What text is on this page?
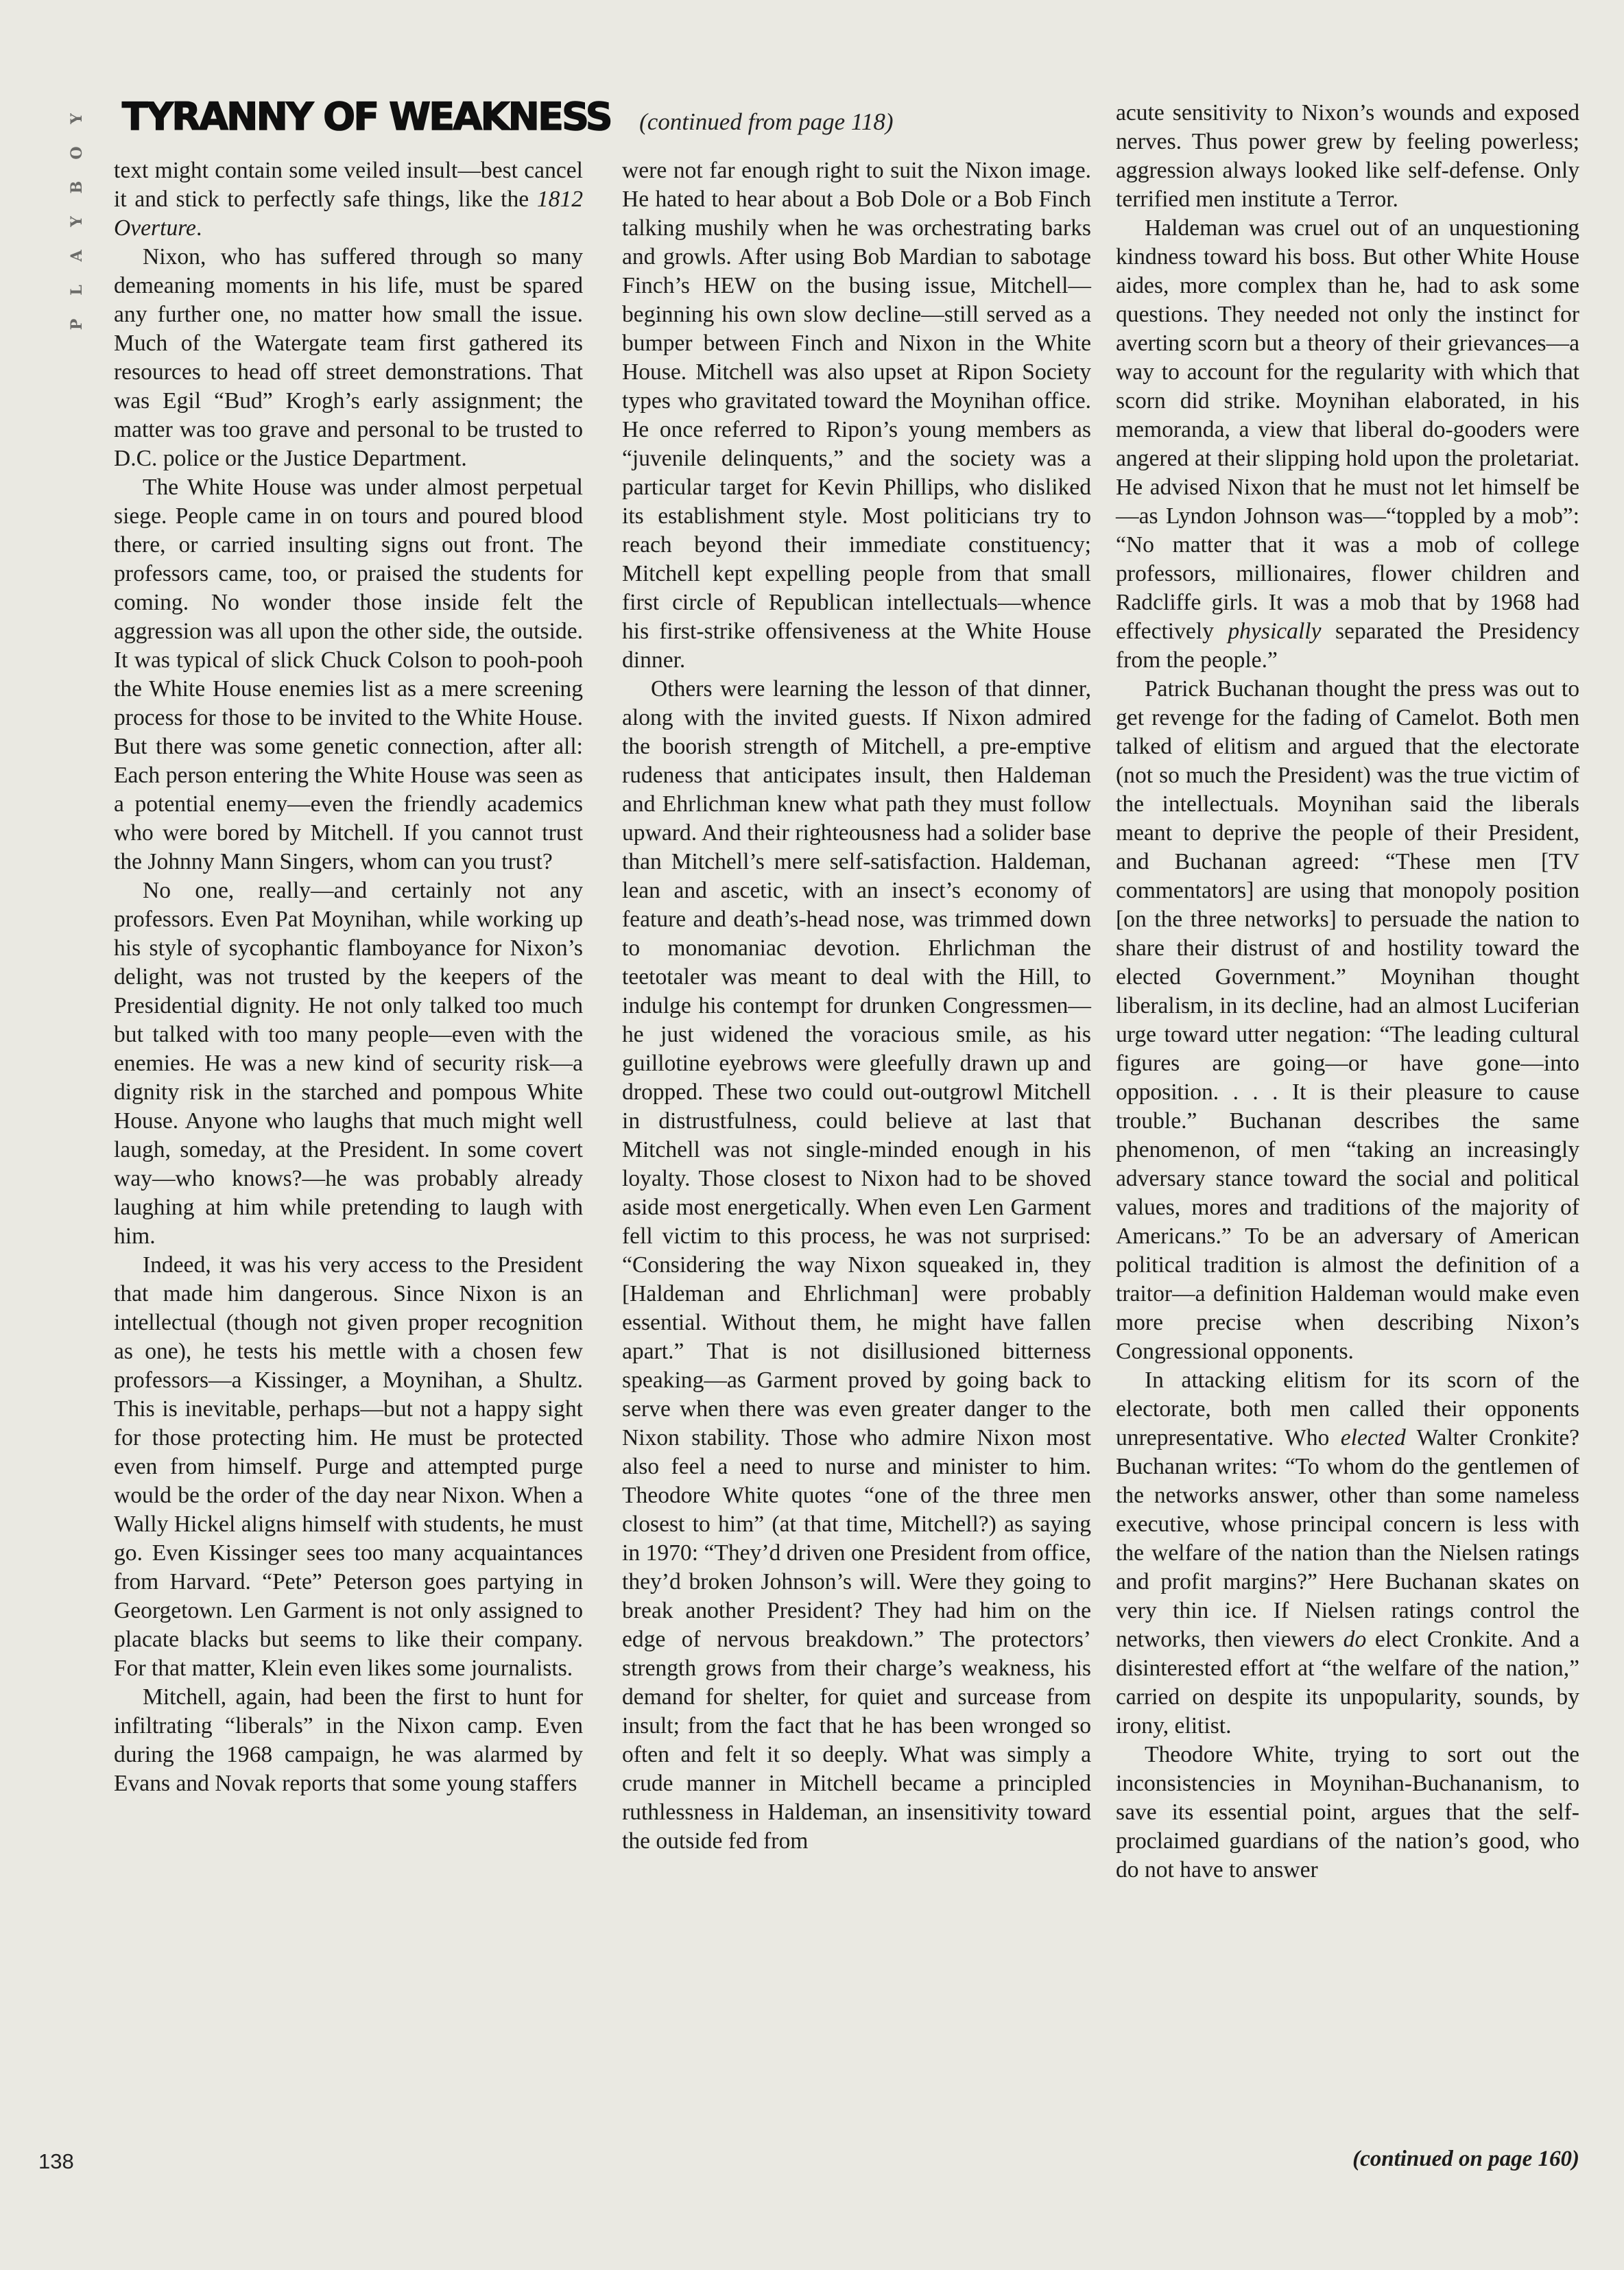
Y
O
B
Y
A
L
P
TYRANNY OF WEAKNESS (continued from page 118)

text might contain some veiled insult—best cancel it and stick to perfectly safe things, like the 1812 Overture.

Nixon, who has suffered through so many demeaning moments in his life, must be spared any further one, no matter how small the issue. Much of the Watergate team first gathered its resources to head off street demonstrations. That was Egil “Bud” Krogh’s early assignment; the matter was too grave and personal to be trusted to D.C. police or the Justice Department.

The White House was under almost perpetual siege. People came in on tours and poured blood there, or carried insulting signs out front. The professors came, too, or praised the students for coming. No wonder those inside felt the aggression was all upon the other side, the outside. It was typical of slick Chuck Colson to pooh-pooh the White House enemies list as a mere screening process for those to be invited to the White House. But there was some genetic connection, after all: Each person entering the White House was seen as a potential enemy—even the friendly academics who were bored by Mitchell. If you cannot trust the Johnny Mann Singers, whom can you trust?

No one, really—and certainly not any professors. Even Pat Moynihan, while working up his style of sycophantic flamboyance for Nixon’s delight, was not trusted by the keepers of the Presidential dignity. He not only talked too much but talked with too many people—even with the enemies. He was a new kind of security risk—a dignity risk in the starched and pompous White House. Anyone who laughs that much might well laugh, someday, at the President. In some covert way—who knows?—he was probably already laughing at him while pretending to laugh with him.

Indeed, it was his very access to the President that made him dangerous. Since Nixon is an intellectual (though not given proper recognition as one), he tests his mettle with a chosen few professors—a Kissinger, a Moynihan, a Shultz. This is inevitable, perhaps—but not a happy sight for those protecting him. He must be protected even from himself. Purge and attempted purge would be the order of the day near Nixon. When a Wally Hickel aligns himself with students, he must go. Even Kissinger sees too many acquaintances from Harvard. “Pete” Peterson goes partying in Georgetown. Len Garment is not only assigned to placate blacks but seems to like their company. For that matter, Klein even likes some journalists.

Mitchell, again, had been the first to hunt for infiltrating “liberals” in the Nixon camp. Even during the 1968 campaign, he was alarmed by Evans and Novak reports that some young staffers

were not far enough right to suit the Nixon image. He hated to hear about a Bob Dole or a Bob Finch talking mushily when he was orchestrating barks and growls. After using Bob Mardian to sabotage Finch’s HEW on the busing issue, Mitchell—beginning his own slow decline—still served as a bumper between Finch and Nixon in the White House. Mitchell was also upset at Ripon Society types who gravitated toward the Moynihan office. He once referred to Ripon’s young members as “juvenile delinquents,” and the society was a particular target for Kevin Phillips, who disliked its establishment style. Most politicians try to reach beyond their immediate constituency; Mitchell kept expelling people from that small first circle of Republican intellectuals—whence his first-strike offensiveness at the White House dinner.

Others were learning the lesson of that dinner, along with the invited guests. If Nixon admired the boorish strength of Mitchell, a pre-emptive rudeness that anticipates insult, then Haldeman and Ehrlichman knew what path they must follow upward. And their righteousness had a solider base than Mitchell’s mere self-satisfaction. Haldeman, lean and ascetic, with an insect’s economy of feature and death’s-head nose, was trimmed down to monomaniac devotion. Ehrlichman the teetotaler was meant to deal with the Hill, to indulge his contempt for drunken Congressmen—he just widened the voracious smile, as his guillotine eyebrows were gleefully drawn up and dropped. These two could out-outgrowl Mitchell in distrustfulness, could believe at last that Mitchell was not single-minded enough in his loyalty. Those closest to Nixon had to be shoved aside most energetically. When even Len Garment fell victim to this process, he was not surprised: “Considering the way Nixon squeaked in, they [Haldeman and Ehrlichman] were probably essential. Without them, he might have fallen apart.” That is not disillusioned bitterness speaking—as Garment proved by going back to serve when there was even greater danger to the Nixon stability. Those who admire Nixon most also feel a need to nurse and minister to him. Theodore White quotes “one of the three men closest to him” (at that time, Mitchell?) as saying in 1970: “They’d driven one President from office, they’d broken Johnson’s will. Were they going to break another President? They had him on the edge of nervous breakdown.” The protectors’ strength grows from their charge’s weakness, his demand for shelter, for quiet and surcease from insult; from the fact that he has been wronged so often and felt it so deeply. What was simply a crude manner in Mitchell became a principled ruthlessness in Haldeman, an insensitivity toward the outside fed from

acute sensitivity to Nixon’s wounds and exposed nerves. Thus power grew by feeling powerless; aggression always looked like self-defense. Only terrified men institute a Terror.

Haldeman was cruel out of an unquestioning kindness toward his boss. But other White House aides, more complex than he, had to ask some questions. They needed not only the instinct for averting scorn but a theory of their grievances—a way to account for the regularity with which that scorn did strike. Moynihan elaborated, in his memoranda, a view that liberal do-gooders were angered at their slipping hold upon the proletariat. He advised Nixon that he must not let himself be—as Lyndon Johnson was—“toppled by a mob”: “No matter that it was a mob of college professors, millionaires, flower children and Radcliffe girls. It was a mob that by 1968 had effectively physically separated the Presidency from the people.”

Patrick Buchanan thought the press was out to get revenge for the fading of Camelot. Both men talked of elitism and argued that the electorate (not so much the President) was the true victim of the intellectuals. Moynihan said the liberals meant to deprive the people of their President, and Buchanan agreed: “These men [TV commentators] are using that monopoly position [on the three networks] to persuade the nation to share their distrust of and hostility toward the elected Government.” Moynihan thought liberalism, in its decline, had an almost Luciferian urge toward utter negation: “The leading cultural figures are going—or have gone—into opposition. . . . It is their pleasure to cause trouble.” Buchanan describes the same phenomenon, of men “taking an increasingly adversary stance toward the social and political values, mores and traditions of the majority of Americans.” To be an adversary of American political tradition is almost the definition of a traitor—a definition Haldeman would make even more precise when describing Nixon’s Congressional opponents.

In attacking elitism for its scorn of the electorate, both men called their opponents unrepresentative. Who elected Walter Cronkite? Buchanan writes: “To whom do the gentlemen of the networks answer, other than some nameless executive, whose principal concern is less with the welfare of the nation than the Nielsen ratings and profit margins?” Here Buchanan skates on very thin ice. If Nielsen ratings control the networks, then viewers do elect Cronkite. And a disinterested effort at “the welfare of the nation,” carried on despite its unpopularity, sounds, by irony, elitist.

Theodore White, trying to sort out the inconsistencies in Moynihan-Buchananism, to save its essential point, argues that the self-proclaimed guardians of the nation’s good, who do not have to answer

(continued on page 160)
138
